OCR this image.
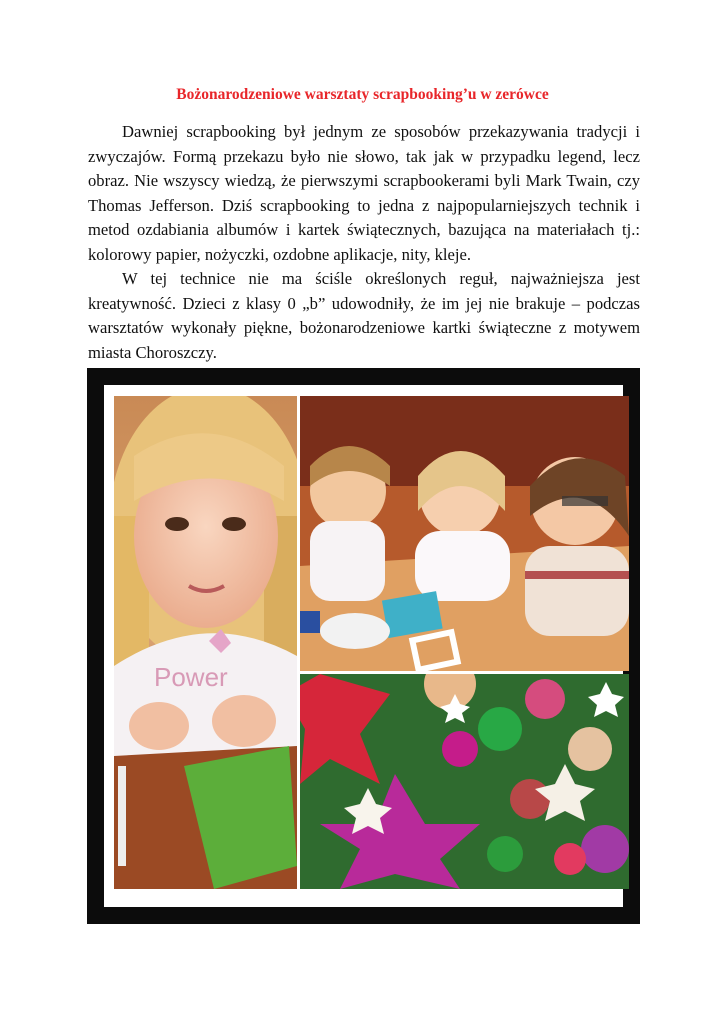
Bożonarodzeniowe warsztaty scrapbooking’u w zerówce

Dawniej scrapbooking był jednym ze sposobów przekazywania tradycji i zwyczajów. Formą przekazu było nie słowo, tak jak w przypadku legend, lecz obraz. Nie wszyscy wiedzą, że pierwszymi scrapbookerami byli Mark Twain, czy Thomas Jefferson. Dziś scrapbooking to jedna z najpopularniejszych technik i metod ozdabiania albumów i kartek świątecznych, bazująca na materiałach tj.: kolorowy papier, nożyczki, ozdobne aplikacje, nity, kleje.

W tej technice nie ma ściśle określonych reguł, najważniejsza jest kreatywność. Dzieci z klasy 0 „b” udowodniły, że im jej nie brakuje – podczas warsztatów wykonały piękne, bożonarodzeniowe kartki świąteczne z motywem miasta Choroszczy.

Power
